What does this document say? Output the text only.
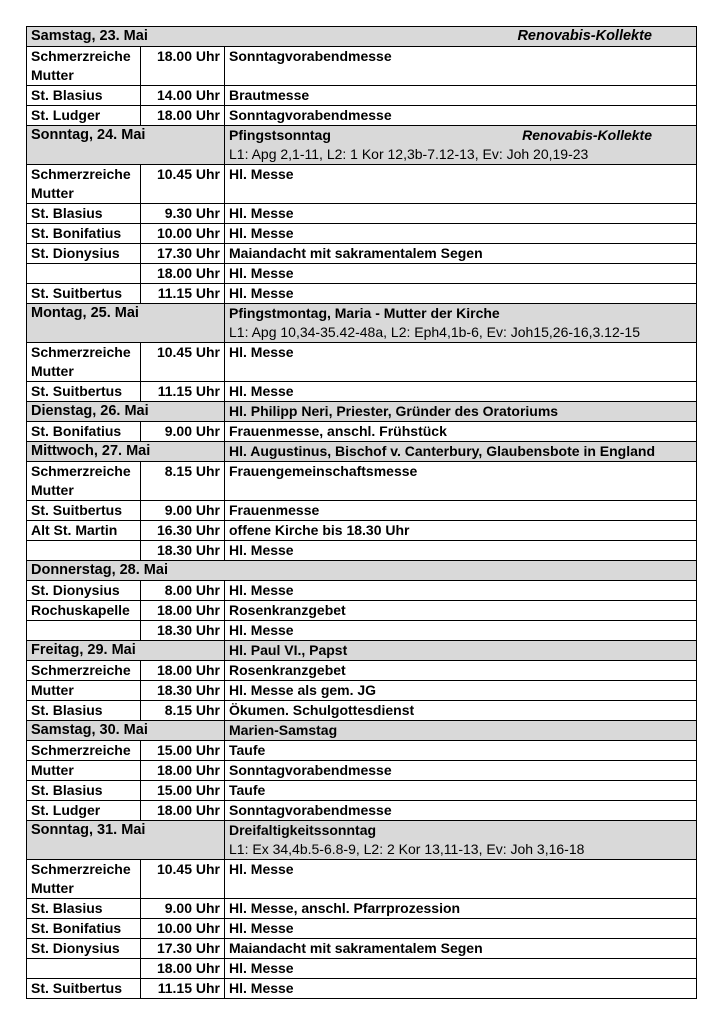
Samstag, 23. Mai Renovabis-Kollekte		

Schmerzreiche Mutter	18.00 Uhr	Sonntagvorabendmesse
St. Blasius	14.00 Uhr	Brautmesse
St. Ludger	18.00 Uhr	Sonntagvorabendmesse
Sonntag, 24. Mai		Pfingstsonntag Renovabis-Kollekte
L1: Apg 2,1-11, L2: 1 Kor 12,3b-7.12-13, Ev: Joh 20,19-23

Schmerzreiche Mutter	10.45 Uhr	Hl. Messe
St. Blasius	9.30 Uhr	Hl. Messe
St. Bonifatius	10.00 Uhr	Hl. Messe
St. Dionysius	17.30 Uhr	Maiandacht mit sakramentalem Segen
	18.00 Uhr	Hl. Messe
St. Suitbertus	11.15 Uhr	Hl. Messe
Montag, 25. Mai		Pfingstmontag, Maria - Mutter der Kirche
L1: Apg 10,34-35.42-48a, L2: Eph4,1b-6, Ev: Joh15,26-16,3.12-15

Schmerzreiche Mutter	10.45 Uhr	Hl. Messe
St. Suitbertus	11.15 Uhr	Hl. Messe
Dienstag, 26. Mai		Hl. Philipp Neri, Priester, Gründer des Oratoriums

St. Bonifatius	9.00 Uhr	Frauenmesse, anschl. Frühstück
Mittwoch, 27. Mai		Hl. Augustinus, Bischof v. Canterbury, Glaubensbote in England

Schmerzreiche Mutter	8.15 Uhr	Frauengemeinschaftsmesse
St. Suitbertus	9.00 Uhr	Frauenmesse
Alt St. Martin	16.30 Uhr	offene Kirche bis 18.30 Uhr
	18.30 Uhr	Hl. Messe

Donnerstag, 28. Mai		

St. Dionysius	8.00 Uhr	Hl. Messe
Rochuskapelle	18.00 Uhr	Rosenkranzgebet
	18.30 Uhr	Hl. Messe
Freitag, 29. Mai		Hl. Paul VI., Papst

Schmerzreiche	18.00 Uhr	Rosenkranzgebet
Mutter	18.30 Uhr	Hl. Messe als gem. JG
St. Blasius	8.15 Uhr	Ökumen. Schulgottesdienst
Samstag, 30. Mai		Marien-Samstag

Schmerzreiche	15.00 Uhr	Taufe
Mutter	18.00 Uhr	Sonntagvorabendmesse
St. Blasius	15.00 Uhr	Taufe
St. Ludger	18.00 Uhr	Sonntagvorabendmesse
Sonntag, 31. Mai		Dreifaltigkeitssonntag
L1: Ex 34,4b.5-6.8-9, L2: 2 Kor 13,11-13, Ev: Joh 3,16-18

Schmerzreiche Mutter	10.45 Uhr	Hl. Messe
St. Blasius	9.00 Uhr	Hl. Messe, anschl. Pfarrprozession
St. Bonifatius	10.00 Uhr	Hl. Messe
St. Dionysius	17.30 Uhr	Maiandacht mit sakramentalem Segen
	18.00 Uhr	Hl. Messe
St. Suitbertus	11.15 Uhr	Hl. Messe
